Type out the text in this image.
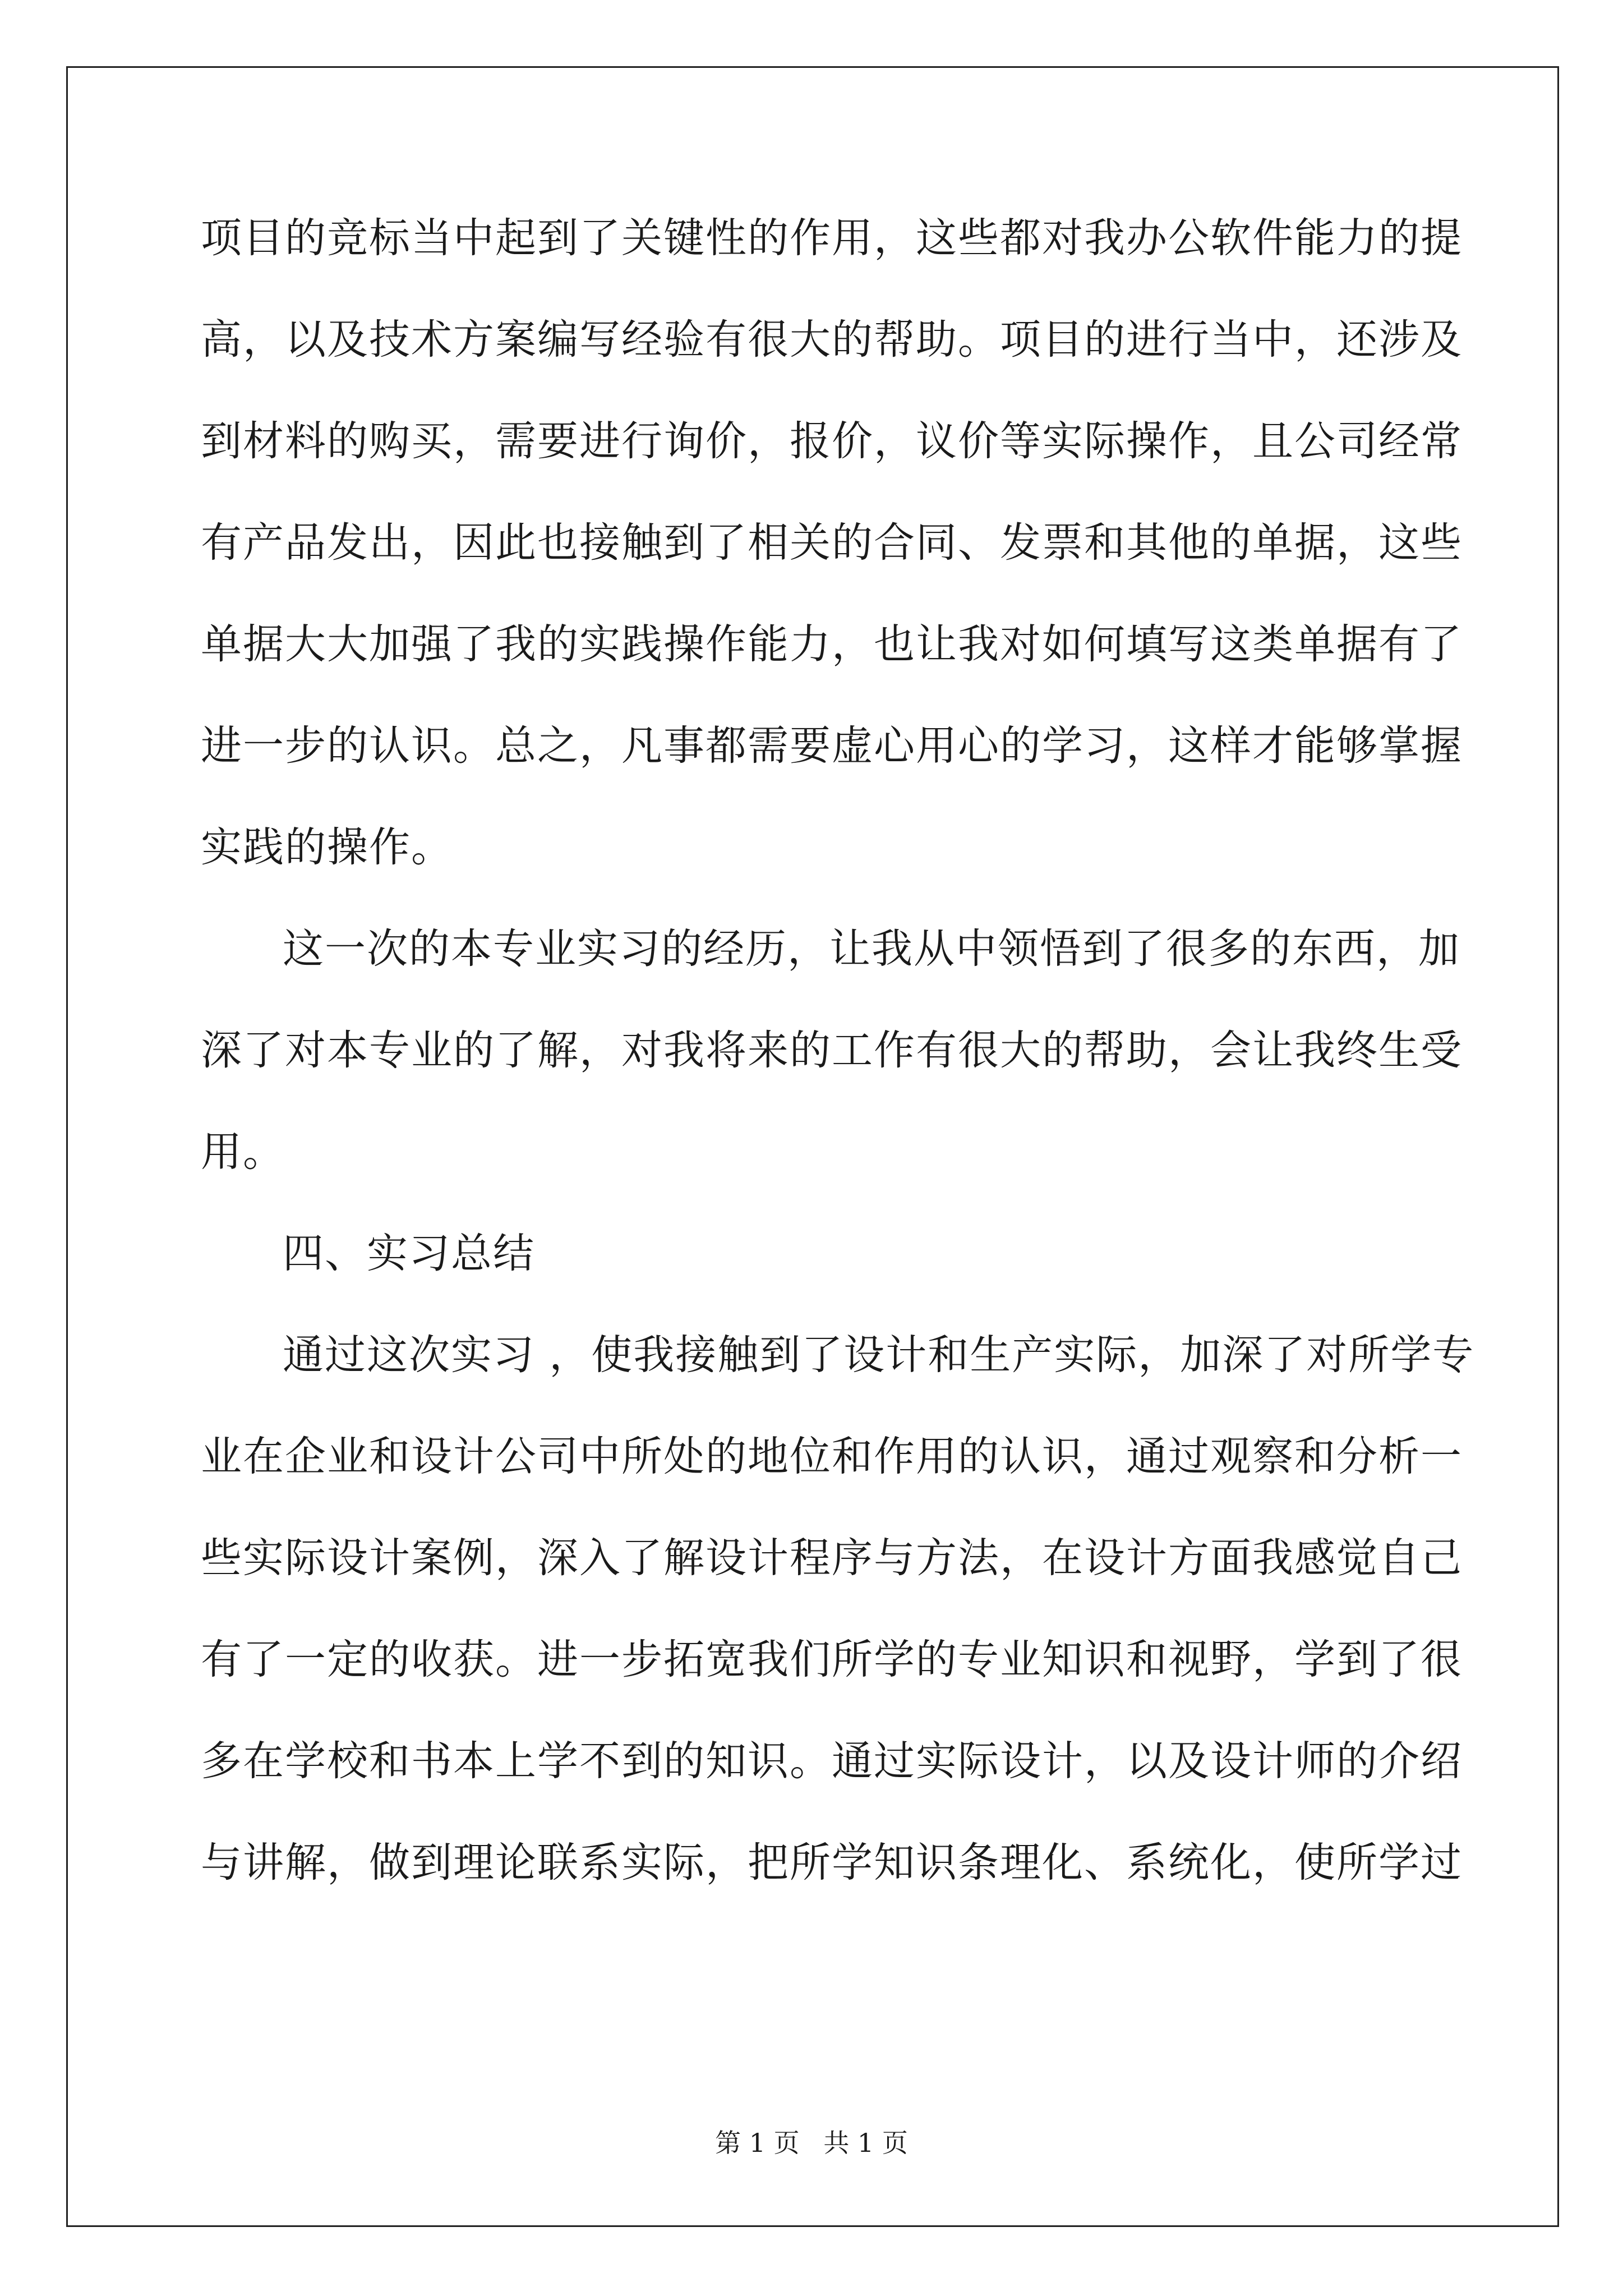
项目的竞标当中起到了关键性的作用，这些都对我办公软件能力的提
高，以及技术方案编写经验有很大的帮助。项目的进行当中，还涉及
到材料的购买，需要进行询价，报价，议价等实际操作，且公司经常
有产品发出，因此也接触到了相关的合同、发票和其他的单据，这些
单据大大加强了我的实践操作能力，也让我对如何填写这类单据有了
进一步的认识。总之，凡事都需要虚心用心的学习，这样才能够掌握
实践的操作。
这一次的本专业实习的经历，让我从中领悟到了很多的东西，加
深了对本专业的了解，对我将来的工作有很大的帮助，会让我终生受
用。
四、实习总结
通过这次实习 ，使我接触到了设计和生产实际，加深了对所学专
业在企业和设计公司中所处的地位和作用的认识，通过观察和分析一
些实际设计案例，深入了解设计程序与方法，在设计方面我感觉自己
有了一定的收获。进一步拓宽我们所学的专业知识和视野，学到了很
多在学校和书本上学不到的知识。通过实际设计，以及设计师的介绍
与讲解，做到理论联系实际，把所学知识条理化、系统化，使所学过
第 1 页 共 1 页
